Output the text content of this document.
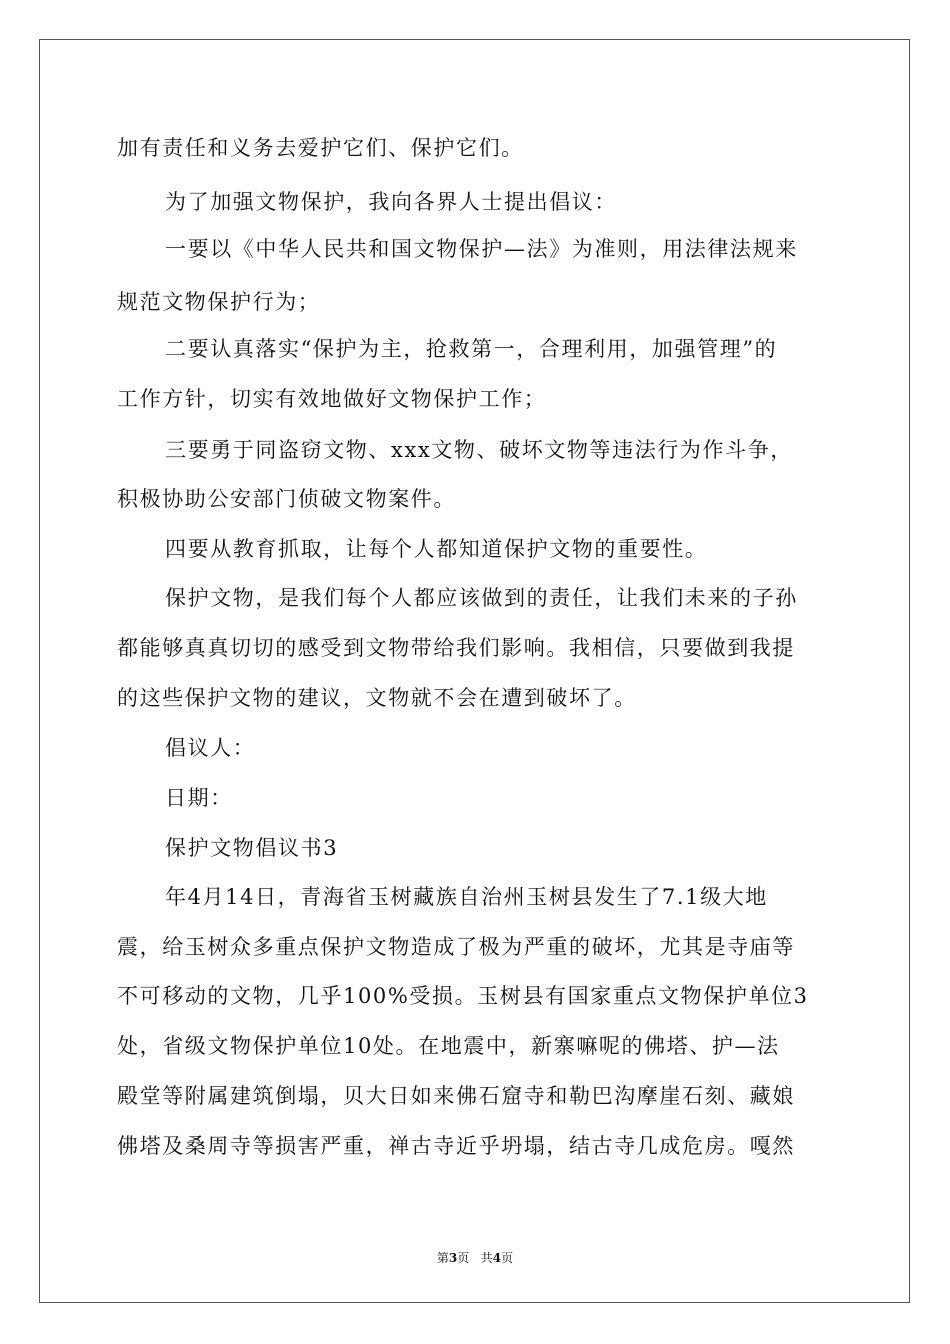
加有责任和义务去爱护它们、保护它们。
为了加强文物保护，我向各界人士提出倡议：
一要以《中华人民共和国文物保护—法》为准则，用法律法规来
规范文物保护行为；
二要认真落实“保护为主，抢救第一，合理利用，加强管理”的
工作方针，切实有效地做好文物保护工作；
三要勇于同盗窃文物、xxx文物、破坏文物等违法行为作斗争，
积极协助公安部门侦破文物案件。
四要从教育抓取，让每个人都知道保护文物的重要性。
保护文物，是我们每个人都应该做到的责任，让我们未来的子孙
都能够真真切切的感受到文物带给我们影响。我相信，只要做到我提
的这些保护文物的建议，文物就不会在遭到破坏了。
倡议人：
日期：
保护文物倡议书3
年4月14日，青海省玉树藏族自治州玉树县发生了7.1级大地
震，给玉树众多重点保护文物造成了极为严重的破坏，尤其是寺庙等
不可移动的文物，几乎100%受损。玉树县有国家重点文物保护单位3
处，省级文物保护单位10处。在地震中，新寨嘛呢的佛塔、护—法
殿堂等附属建筑倒塌，贝大日如来佛石窟寺和勒巴沟摩崖石刻、藏娘
佛塔及桑周寺等损害严重，禅古寺近乎坍塌，结古寺几成危房。嘎然
第3页 共4页
